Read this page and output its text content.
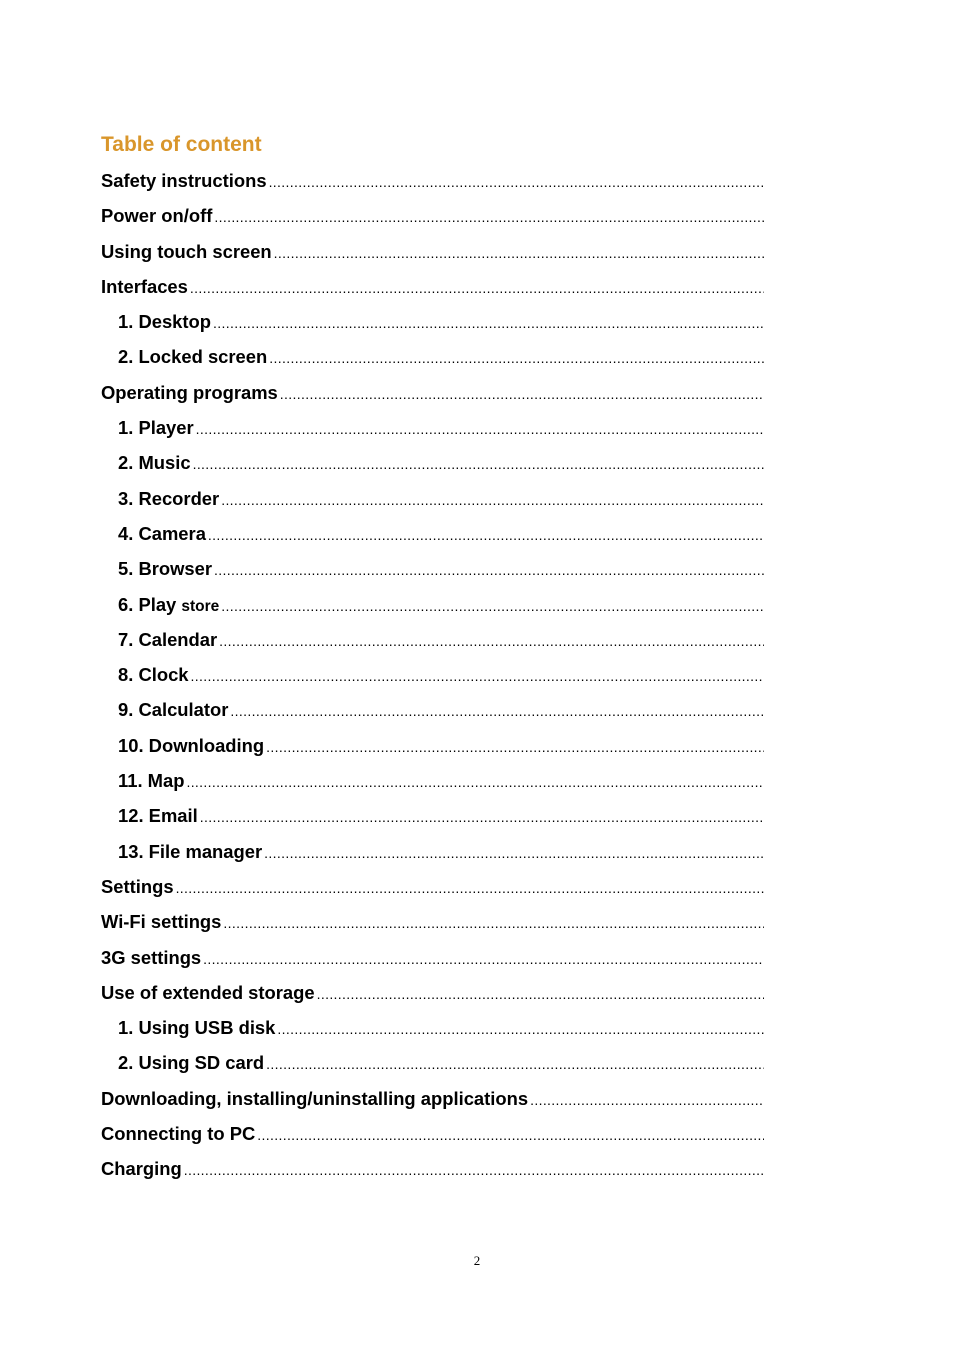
Table of content
Safety instructions
.....
Power on/off
.....
Using touch screen
.....
Interfaces
.....
1. Desktop
.....
2. Locked screen
.....
Operating programs
.....
1. Player
.....
2. Music
.....
3. Recorder
.....
4. Camera
.....
5. Browser
.....
6. Play store
.....
7. Calendar
.....
8. Clock
.....
9. Calculator
.....
10. Downloading
.....
11. Map
.....
12. Email
.....
13. File manager
.....
Settings
.....
Wi-Fi settings
.....
3G settings
.....
Use of extended storage
.....
1. Using USB disk
.....
2. Using SD card
.....
Downloading, installing/uninstalling applications
.....
Connecting to PC
.....
Charging
.....
2
